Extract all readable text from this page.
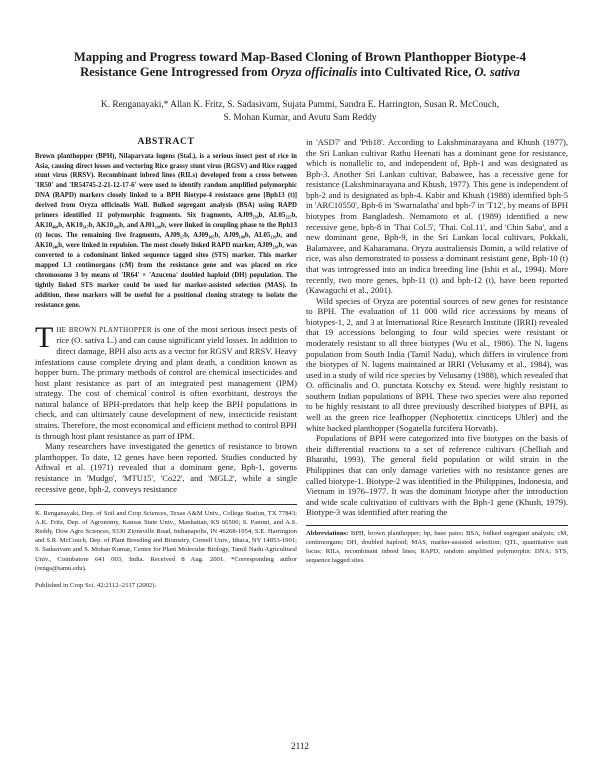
Mapping and Progress toward Map-Based Cloning of Brown Planthopper Biotype-4
Resistance Gene Introgressed from Oryza officinalis into Cultivated Rice, O. sativa
K. Renganayaki,* Allan K. Fritz, S. Sadasivam, Sujata Pammi, Sandra E. Harrington, Susan R. McCouch,
S. Mohan Kumar, and Avutu Sam Reddy
ABSTRACT

Brown planthopper (BPH), Nilaparvata lugens (Stal.), is a serious insect pest of rice in Asia, causing direct losses and vectoring Rice grassy stunt virus (RGSV) and Rice ragged stunt virus (RRSV). Recombinant inbred lines (RILs) developed from a cross between 'IR50' and 'IR54745-2-21-12-17-6' were used to identify random amplified polymorphic DNA (RAPD) markers closely linked to a BPH Biotype-4 resistance gene [Bph13 (t)] derived from Oryza officinalis Wall. Bulked segregant analysis (BSA) using RAPD primers identified 11 polymorphic fragments. Six fragments, AJ09₂₃₀b, AL05₂₂₅b, AK10₄₆₀b, AK10₃₁₇b, AK10₁₈₀b, and AJ01₁₉₀b, were linked in coupling phase to the Bph13 (t) locus. The remaining five fragments, AJ09₁₇b, AJ09₃₀₅b, AJ09₁₀₀b, AL05₁₃₀b, and AK10₁₄₀b, were linked in repulsion. The most closely linked RAPD marker, AJ09₂₃₀b, was converted to a codominant linked sequence tagged sites (STS) marker. This marker mapped 1.3 centimorgans (cM) from the resistance gene and was placed on rice chromosome 3 by means of 'IR64' × 'Azucena' doubled haploid (DH) population. The tightly linked STS marker could be used for marker-assisted selection (MAS). In addition, these markers will be useful for a positional cloning strategy to isolate the resistance gene.

THE BROWN PLANTHOPPER is one of the most serious insect pests of rice (O. sativa L.) and can cause significant yield losses. In addition to direct damage, BPH also acts as a vector for RGSV and RRSV. Heavy infestations cause complete drying and plant death, a condition known as hopper burn. The primary methods of control are chemical insecticides and host plant resistance as part of an integrated pest management (IPM) strategy. The cost of chemical control is often exorbitant, destroys the natural balance of BPH-predators that help keep the BPH populations in check, and can ultimately cause development of new, insecticide resistant strains. Therefore, the most economical and efficient method to control BPH is through host plant resistance as part of IPM.

Many researchers have investigated the genetics of resistance to brown planthopper. To date, 12 genes have been reported. Studies conducted by Athwal et al. (1971) revealed that a dominant gene, Bph-1, governs resistance in 'Mudgo', 'MTU15', 'Co22', and 'MGL2', while a single recessive gene, bph-2, conveys resistance

K. Renganayaki, Dep. of Soil and Crop Sciences, Texas A&M Univ., College Station, TX 77843; A.K. Fritz, Dep. of Agronomy, Kansas State Univ., Manhattan, KS 66506; S. Pammi, and A.S. Reddy, Dow Agro Sciences, 9330 Zionsville Road, Indianapolis, IN 46268-1054; S.E. Harrington and S.R. McCouch, Dep. of Plant Breeding and Biometry, Cornell Univ., Ithaca, NY 14853-1901; S. Sadasivam and S. Mohan Kumar, Centre for Plant Molecular Biology, Tamil Nadu Agricultural Univ., Coimbatore 641 003, India. Received 8 Aug. 2001. *Corresponding author (renga@tamu.edu).

Published in Crop Sci. 42:2112–2117 (2002).

in 'ASD7' and 'Ptb18'. According to Lakshminarayana and Khush (1977), the Sri Lankan cultivar Rathu Heenati has a dominant gene for resistance, which is nonallelic to, and independent of, Bph-1 and was designated as Bph-3. Another Sri Lankan cultivar, Babawee, has a recessive gene for resistance (Lakshminarayana and Khush, 1977). This gene is independent of bph-2 and is designated as bph-4. Kabir and Khush (1988) identified bph-5 in 'ARC10550', Bph-6 in 'Swarnalatha' and bph-7 in 'T12', by means of BPH biotypes from Bangladesh. Nemamoto et al. (1989) identified a new recessive gene, bph-8 in 'Thai Col.5', 'Thai. Col.11', and 'Chin Saba', and a new dominant gene, Bph-9, in the Sri Lankan local cultivars, Pokkali, Balamavee, and Kaharamana. Oryza australiensis Domin, a wild relative of rice, was also demonstrated to possess a dominant resistant gene, Bph-10 (t) that was introgressed into an indica breeding line (Ishii et al., 1994). More recently, two more genes, bph-11 (t) and bph-12 (t), have been reported (Kawaguchi et al., 2001).

Wild species of Oryza are potential sources of new genes for resistance to BPH. The evaluation of 11 000 wild rice accessions by means of biotypes-1, 2, and 3 at International Rice Research Institute (IRRI) revealed that 19 accessions belonging to four wild species were resistant or moderately resistant to all three biotypes (Wu et al., 1986). The N. lugens population from South India (Tamil Nadu), which differs in virulence from the biotypes of N. lugens maintained at IRRI (Velusamy et al., 1984), was used in a study of wild rice species by Velusamy (1988), which revealed that O. officinalis and O. punctata Kotschy ex Steud. were highly resistant to southern Indian populations of BPH. These two species were also reported to be highly resistant to all three previously described biotypes of BPH, as well as the green rice leafhopper (Nephotettix cincticeps Uhler) and the white backed planthopper (Sogatella furcifera Horvath).

Populations of BPH were categorized into five biotypes on the basis of their differential reactions to a set of reference cultivars (Chelliah and Bharathi, 1993). The general field population or wild strain in the Philippines that can only damage varieties with no resistance genes are called biotype-1. Biotype-2 was identified in the Philippines, Indonesia, and Vietnam in 1976–1977. It was the dominant biotype after the introduction and wide scale cultivation of cultivars with the Bph-1 gene (Khush, 1979). Biotype-3 was identified after rearing the

Abbreviations: BPH, brown planthopper; bp, base pairs; BSA, bulked segregant analysis; cM, centimorgans; DH, doubled haploid; MAS, marker-assisted selection; QTL, quantitative trait locus; RILs, recombinant inbred lines; RAPD, random amplified polymorphic DNA; STS, sequence tagged sites.

2112
